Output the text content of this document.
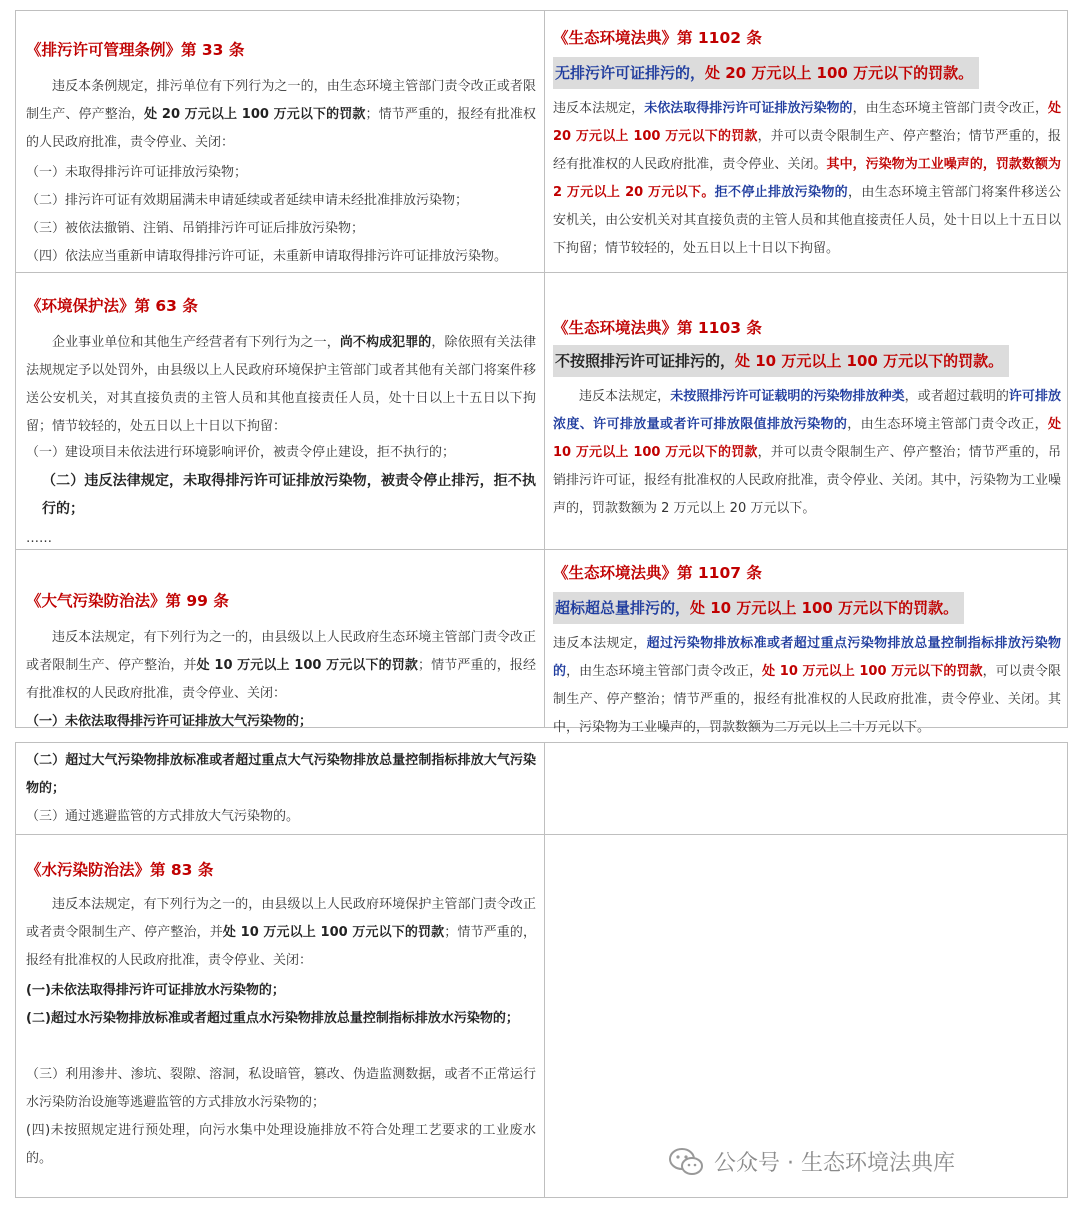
《排污许可管理条例》第 33 条
违反本条例规定，排污单位有下列行为之一的，由生态环境主管部门责令改正或者限制生产、停产整治，处 20 万元以上 100 万元以下的罚款；情节严重的，报经有批准权的人民政府批准，责令停业、关闭：
（一）未取得排污许可证排放污染物；
（二）排污许可证有效期届满未申请延续或者延续申请未经批准排放污染物；
（三）被依法撤销、注销、吊销排污许可证后排放污染物；
（四）依法应当重新申请取得排污许可证，未重新申请取得排污许可证排放污染物。
《生态环境法典》第 1102 条
无排污许可证排污的，处 20 万元以上 100 万元以下的罚款。
违反本法规定，未依法取得排污许可证排放污染物的，由生态环境主管部门责令改正，处 20 万元以上 100 万元以下的罚款，并可以责令限制生产、停产整治；情节严重的，报经有批准权的人民政府批准，责令停业、关闭。其中，污染物为工业噪声的，罚款数额为 2 万元以上 20 万元以下。拒不停止排放污染物的，由生态环境主管部门将案件移送公安机关，由公安机关对其直接负责的主管人员和其他直接责任人员，处十日以上十五日以下拘留；情节较轻的，处五日以上十日以下拘留。
《环境保护法》第 63 条
企业事业单位和其他生产经营者有下列行为之一，尚不构成犯罪的，除依照有关法律法规规定予以处罚外，由县级以上人民政府环境保护主管部门或者其他有关部门将案件移送公安机关，对其直接负责的主管人员和其他直接责任人员，处十日以上十五日以下拘留；情节较轻的，处五日以上十日以下拘留：
（一）建设项目未依法进行环境影响评价，被责令停止建设，拒不执行的；
（二）违反法律规定，未取得排污许可证排放污染物，被责令停止排污，拒不执行的；
……
《生态环境法典》第 1103 条
不按照排污许可证排污的，处 10 万元以上 100 万元以下的罚款。
违反本法规定，未按照排污许可证载明的污染物排放种类，或者超过载明的许可排放浓度、许可排放量或者许可排放限值排放污染物的，由生态环境主管部门责令改正，处 10 万元以上 100 万元以下的罚款，并可以责令限制生产、停产整治；情节严重的，吊销排污许可证，报经有批准权的人民政府批准，责令停业、关闭。其中，污染物为工业噪声的，罚款数额为 2 万元以上 20 万元以下。
《大气污染防治法》第 99 条
违反本法规定，有下列行为之一的，由县级以上人民政府生态环境主管部门责令改正或者限制生产、停产整治，并处 10 万元以上 100 万元以下的罚款；情节严重的，报经有批准权的人民政府批准，责令停业、关闭：
（一）未依法取得排污许可证排放大气污染物的；
《生态环境法典》第 1107 条
超标超总量排污的，处 10 万元以上 100 万元以下的罚款。
违反本法规定，超过污染物排放标准或者超过重点污染物排放总量控制指标排放污染物的，由生态环境主管部门责令改正，处 10 万元以上 100 万元以下的罚款，可以责令限制生产、停产整治；情节严重的，报经有批准权的人民政府批准，责令停业、关闭。其中，污染物为工业噪声的，罚款数额为二万元以上二十万元以下。
（二）超过大气污染物排放标准或者超过重点大气污染物排放总量控制指标排放大气污染物的；
（三）通过逃避监管的方式排放大气污染物的。
《水污染防治法》第 83 条
违反本法规定，有下列行为之一的，由县级以上人民政府环境保护主管部门责令改正或者责令限制生产、停产整治，并处 10 万元以上 100 万元以下的罚款；情节严重的，报经有批准权的人民政府批准，责令停业、关闭：
(一)未依法取得排污许可证排放水污染物的；
(二)超过水污染物排放标准或者超过重点水污染物排放总量控制指标排放水污染物的；
（三）利用渗井、渗坑、裂隙、溶洞，私设暗管，篡改、伪造监测数据，或者不正常运行水污染防治设施等逃避监管的方式排放水污染物的；
(四)未按照规定进行预处理，向污水集中处理设施排放不符合处理工艺要求的工业废水的。	公众号 · 生态环境法典库
